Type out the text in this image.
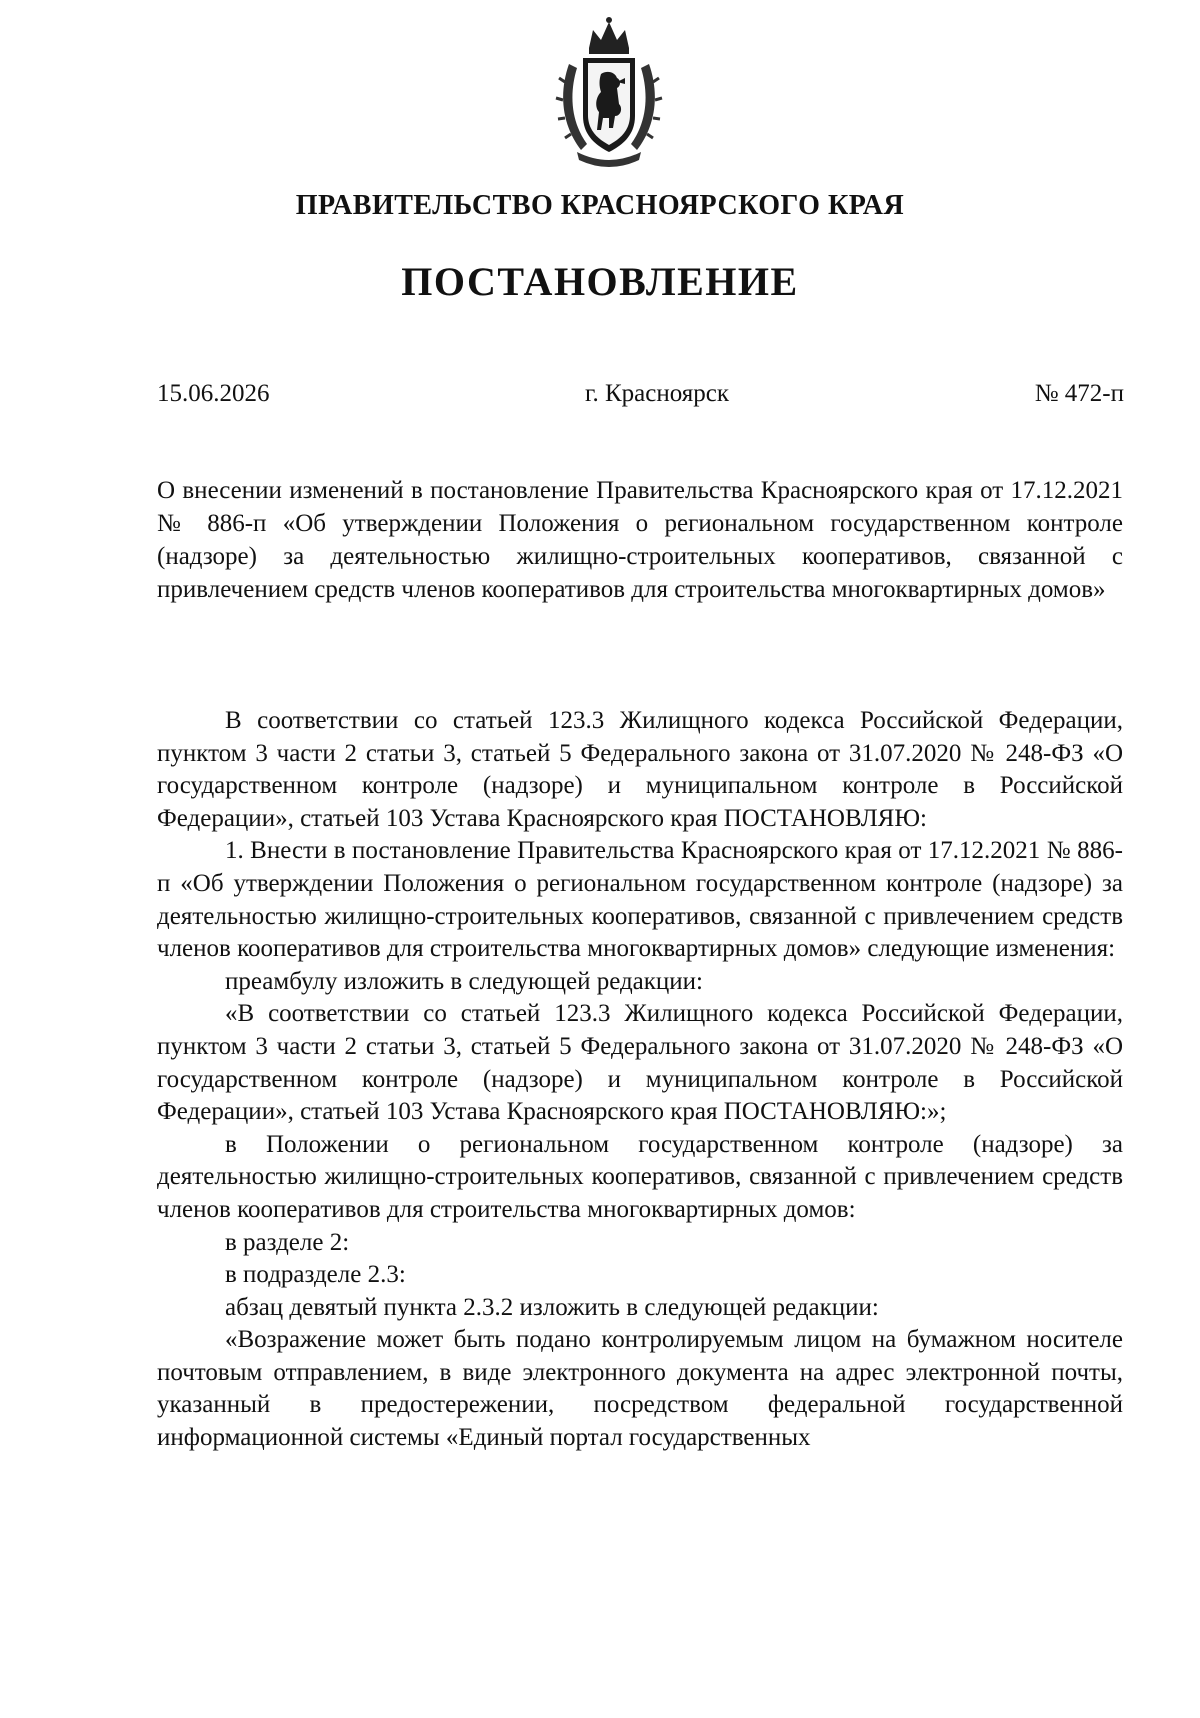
ПРАВИТЕЛЬСТВО КРАСНОЯРСКОГО КРАЯ
ПОСТАНОВЛЕНИЕ
15.06.2026	г. Красноярск	№ 472-п
О внесении изменений в постановление Правительства Красноярского края от 17.12.2021 № 886-п «Об утверждении Положения о региональном государственном контроле (надзоре) за деятельностью жилищно-строительных кооперативов, связанной с привлечением средств членов кооперативов для строительства многоквартирных домов»

В соответствии со статьей 123.3 Жилищного кодекса Российской Федерации, пунктом 3 части 2 статьи 3, статьей 5 Федерального закона от 31.07.2020 № 248-ФЗ «О государственном контроле (надзоре) и муниципальном контроле в Российской Федерации», статьей 103 Устава Красноярского края ПОСТАНОВЛЯЮ:

1. Внести в постановление Правительства Красноярского края от 17.12.2021 № 886-п «Об утверждении Положения о региональном государственном контроле (надзоре) за деятельностью жилищно-строительных кооперативов, связанной с привлечением средств членов кооперативов для строительства многоквартирных домов» следующие изменения:

преамбулу изложить в следующей редакции:

«В соответствии со статьей 123.3 Жилищного кодекса Российской Федерации, пунктом 3 части 2 статьи 3, статьей 5 Федерального закона от 31.07.2020 № 248-ФЗ «О государственном контроле (надзоре) и муниципальном контроле в Российской Федерации», статьей 103 Устава Красноярского края ПОСТАНОВЛЯЮ:»;

в Положении о региональном государственном контроле (надзоре) за деятельностью жилищно-строительных кооперативов, связанной с привлечением средств членов кооперативов для строительства многоквартирных домов:

в разделе 2:

в подразделе 2.3:

абзац девятый пункта 2.3.2 изложить в следующей редакции:

«Возражение может быть подано контролируемым лицом на бумажном носителе почтовым отправлением, в виде электронного документа на адрес электронной почты, указанный в предостережении, посредством федеральной государственной информационной системы «Единый портал государственных
